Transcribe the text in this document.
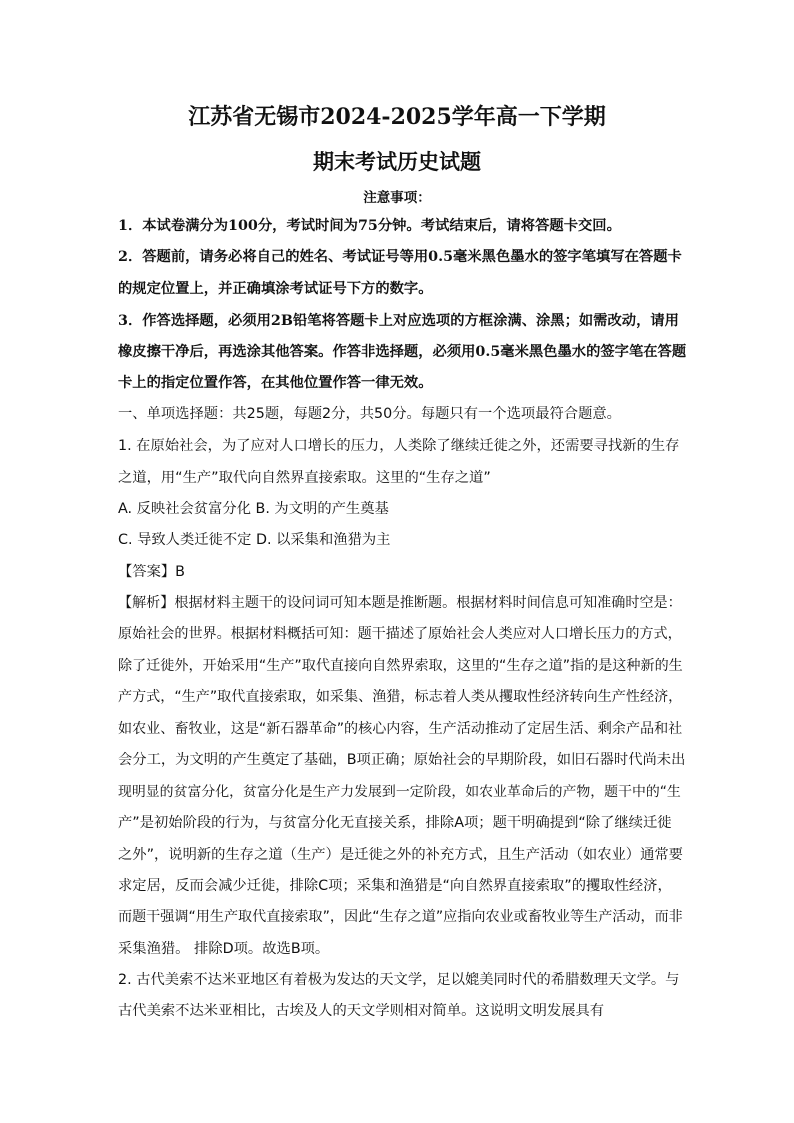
江苏省无锡市2024-2025学年高一下学期
期末考试历史试题
注意事项：
1．本试卷满分为100分，考试时间为75分钟。考试结束后，请将答题卡交回。
2．答题前，请务必将自己的姓名、考试证号等用0.5毫米黑色墨水的签字笔填写在答题卡
的规定位置上，并正确填涂考试证号下方的数字。
3．作答选择题，必须用2B铅笔将答题卡上对应选项的方框涂满、涂黑；如需改动，请用
橡皮擦干净后，再选涂其他答案。作答非选择题，必须用0.5毫米黑色墨水的签字笔在答题
卡上的指定位置作答，在其他位置作答一律无效。
一、单项选择题：共25题，每题2分，共50分。每题只有一个选项最符合题意。
1. 在原始社会，为了应对人口增长的压力，人类除了继续迁徙之外，还需要寻找新的生存
之道，用“生产”取代向自然界直接索取。这里的“生存之道”
A. 反映社会贫富分化 B. 为文明的产生奠基
C. 导致人类迁徙不定 D. 以采集和渔猎为主
【答案】B
【解析】根据材料主题干的设问词可知本题是推断题。根据材料时间信息可知准确时空是：
原始社会的世界。根据材料概括可知：题干描述了原始社会人类应对人口增长压力的方式，
除了迁徙外，开始采用“生产”取代直接向自然界索取，这里的“生存之道”指的是这种新的生
产方式，“生产”取代直接索取，如采集、渔猎，标志着人类从攫取性经济转向生产性经济，
如农业、畜牧业，这是“新石器革命”的核心内容，生产活动推动了定居生活、剩余产品和社
会分工，为文明的产生奠定了基础，B项正确；原始社会的早期阶段，如旧石器时代尚未出
现明显的贫富分化，贫富分化是生产力发展到一定阶段，如农业革命后的产物，题干中的“生
产”是初始阶段的行为，与贫富分化无直接关系，排除A项；题干明确提到“除了继续迁徙
之外”，说明新的生存之道（生产）是迁徙之外的补充方式，且生产活动（如农业）通常要
求定居，反而会减少迁徙，排除C项；采集和渔猎是“向自然界直接索取”的攫取性经济，
而题干强调“用生产取代直接索取”，因此“生存之道”应指向农业或畜牧业等生产活动，而非
采集渔猎。 排除D项。故选B项。
2. 古代美索不达米亚地区有着极为发达的天文学，足以媲美同时代的希腊数理天文学。与
古代美索不达米亚相比，古埃及人的天文学则相对简单。这说明文明发展具有
